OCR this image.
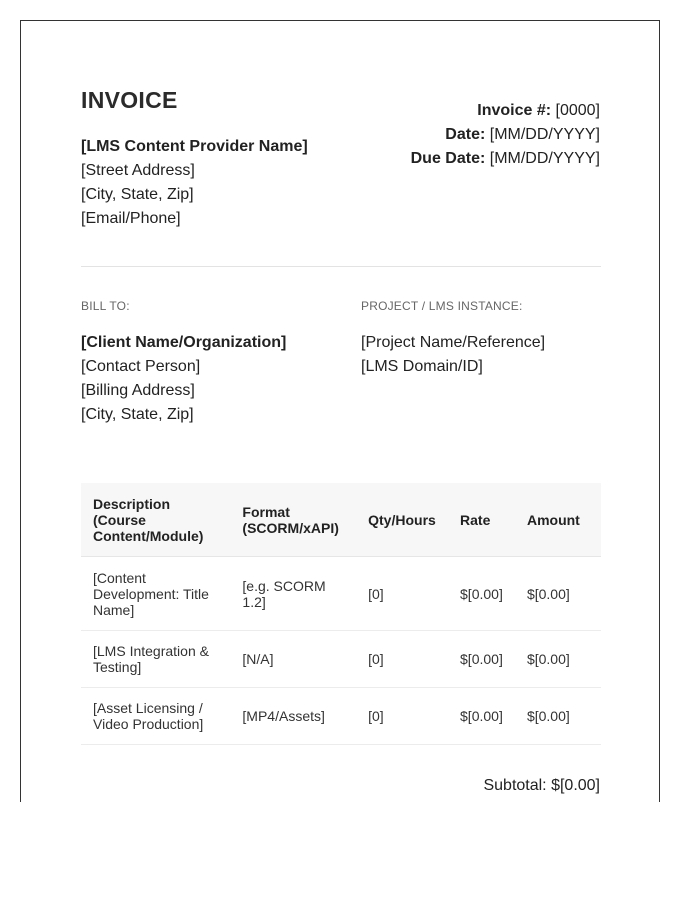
INVOICE
[LMS Content Provider Name]
[Street Address]
[City, State, Zip]
[Email/Phone]
Invoice #: [0000]
Date: [MM/DD/YYYY]
Due Date: [MM/DD/YYYY]
BILL TO:	PROJECT / LMS INSTANCE:
[Client Name/Organization]
[Contact Person]
[Billing Address]
[City, State, Zip]
[Project Name/Reference]
[LMS Domain/ID]
Description (Course Content/Module)	Format (SCORM/xAPI)	Qty/Hours	Rate	Amount
[Content Development: Title Name]	[e.g. SCORM 1.2]	[0]	$[0.00]	$[0.00]
[LMS Integration & Testing]	[N/A]	[0]	$[0.00]	$[0.00]
[Asset Licensing / Video Production]	[MP4/Assets]	[0]	$[0.00]	$[0.00]
Subtotal: $[0.00]
